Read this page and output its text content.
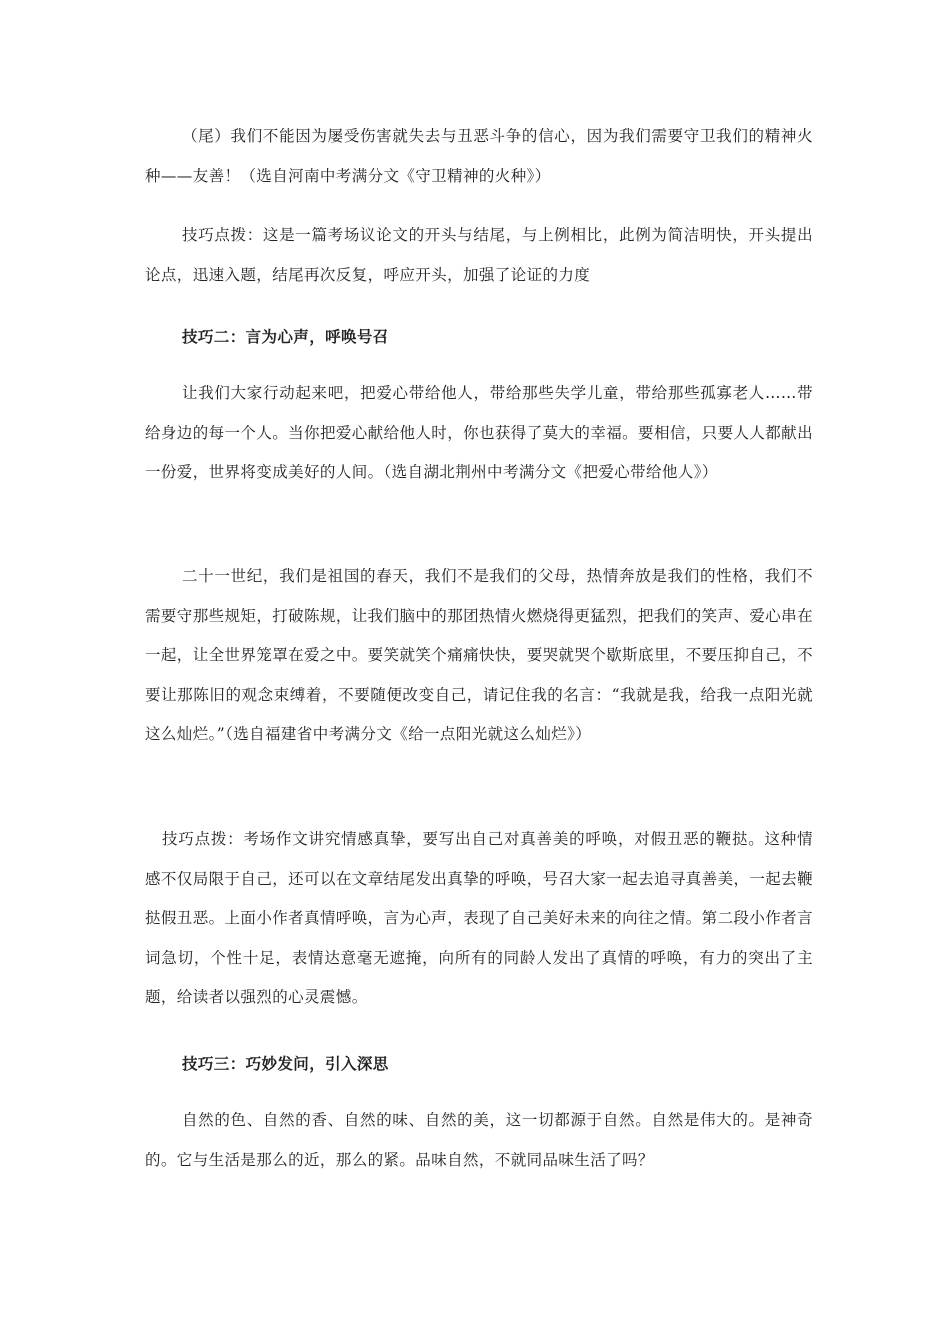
（尾）我们不能因为屡受伤害就失去与丑恶斗争的信心，因为我们需要守卫我们的精神火种——友善！（选自河南中考满分文《守卫精神的火种》）

技巧点拨：这是一篇考场议论文的开头与结尾，与上例相比，此例为简洁明快，开头提出论点，迅速入题，结尾再次反复，呼应开头，加强了论证的力度

技巧二：言为心声，呼唤号召

让我们大家行动起来吧，把爱心带给他人，带给那些失学儿童，带给那些孤寡老人……带给身边的每一个人。当你把爱心献给他人时，你也获得了莫大的幸福。要相信，只要人人都献出一份爱，世界将变成美好的人间。（选自湖北荆州中考满分文《把爱心带给他人》）

二十一世纪，我们是祖国的春天，我们不是我们的父母，热情奔放是我们的性格，我们不需要守那些规矩，打破陈规，让我们脑中的那团热情火燃烧得更猛烈，把我们的笑声、爱心串在一起，让全世界笼罩在爱之中。要笑就笑个痛痛快快，要哭就哭个歇斯底里，不要压抑自己，不要让那陈旧的观念束缚着，不要随便改变自己，请记住我的名言：“我就是我，给我一点阳光就这么灿烂。”（选自福建省中考满分文《给一点阳光就这么灿烂》）

技巧点拨：考场作文讲究情感真挚，要写出自己对真善美的呼唤，对假丑恶的鞭挞。这种情感不仅局限于自己，还可以在文章结尾发出真挚的呼唤，号召大家一起去追寻真善美，一起去鞭挞假丑恶。上面小作者真情呼唤，言为心声，表现了自己美好未来的向往之情。第二段小作者言词急切，个性十足，表情达意毫无遮掩，向所有的同龄人发出了真情的呼唤，有力的突出了主题，给读者以强烈的心灵震憾。

技巧三：巧妙发问，引入深思

自然的色、自然的香、自然的味、自然的美，这一切都源于自然。自然是伟大的。是神奇的。它与生活是那么的近，那么的紧。品味自然，不就同品味生活了吗？
